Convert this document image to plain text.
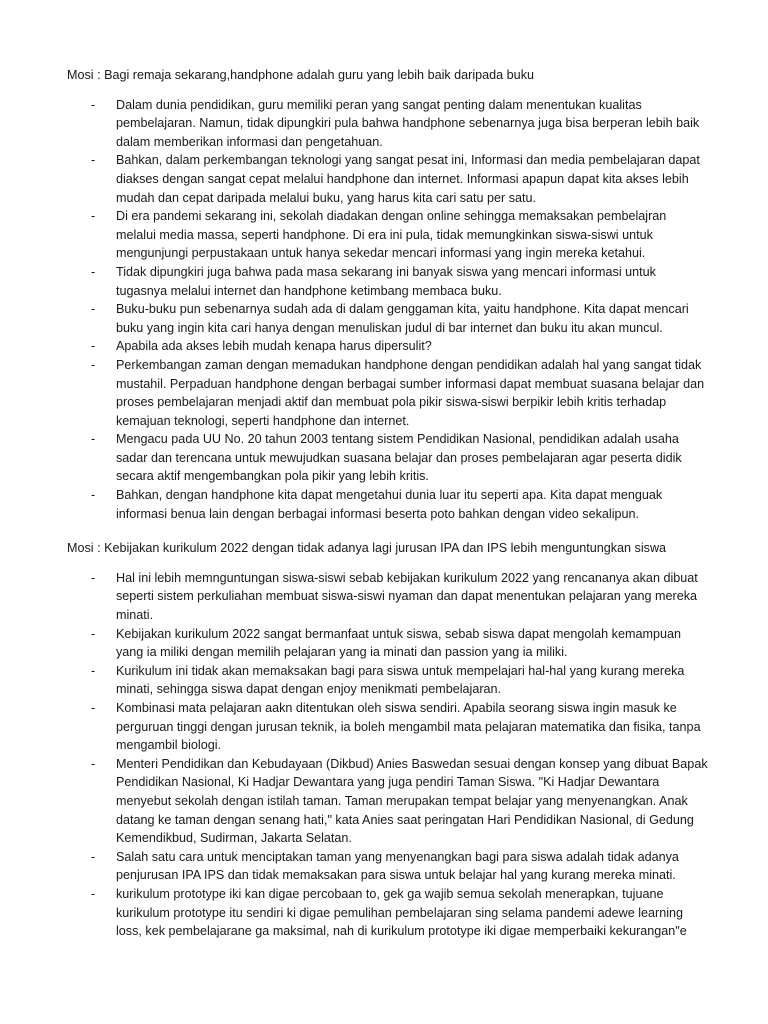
Mosi : Bagi remaja sekarang,handphone adalah guru yang lebih baik daripada buku

- Dalam dunia pendidikan, guru memiliki peran yang sangat penting dalam menentukan kualitas pembelajaran. Namun, tidak dipungkiri pula bahwa handphone sebenarnya juga bisa berperan lebih baik dalam memberikan informasi dan pengetahuan.
- Bahkan, dalam perkembangan teknologi yang sangat pesat ini, Informasi dan media pembelajaran dapat diakses dengan sangat cepat melalui handphone dan internet. Informasi apapun dapat kita akses lebih mudah dan cepat daripada melalui buku, yang harus kita cari satu per satu.
- Di era pandemi sekarang ini, sekolah diadakan dengan online sehingga memaksakan pembelajran melalui media massa, seperti handphone. Di era ini pula, tidak memungkinkan siswa-siswi untuk mengunjungi perpustakaan untuk hanya sekedar mencari informasi yang ingin mereka ketahui.
- Tidak dipungkiri juga bahwa pada masa sekarang ini banyak siswa yang mencari informasi untuk tugasnya melalui internet dan handphone ketimbang membaca buku.
- Buku-buku pun sebenarnya sudah ada di dalam genggaman kita, yaitu handphone. Kita dapat mencari buku yang ingin kita cari hanya dengan menuliskan judul di bar internet dan buku itu akan muncul.
- Apabila ada akses lebih mudah kenapa harus dipersulit?
- Perkembangan zaman dengan memadukan handphone dengan pendidikan adalah hal yang sangat tidak mustahil. Perpaduan handphone dengan berbagai sumber informasi dapat membuat suasana belajar dan proses pembelajaran menjadi aktif dan membuat pola pikir siswa-siswi berpikir lebih kritis terhadap kemajuan teknologi, seperti handphone dan internet.
- Mengacu pada UU No. 20 tahun 2003 tentang sistem Pendidikan Nasional, pendidikan adalah usaha sadar dan terencana untuk mewujudkan suasana belajar dan proses pembelajaran agar peserta didik secara aktif mengembangkan pola pikir yang lebih kritis.
- Bahkan, dengan handphone kita dapat mengetahui dunia luar itu seperti apa. Kita dapat menguak informasi benua lain dengan berbagai informasi beserta poto bahkan dengan video sekalipun.

Mosi : Kebijakan kurikulum 2022 dengan tidak adanya lagi jurusan IPA dan IPS lebih menguntungkan siswa

- Hal ini lebih memnguntungan siswa-siswi sebab kebijakan kurikulum 2022 yang rencananya akan dibuat seperti sistem perkuliahan membuat siswa-siswi nyaman dan dapat menentukan pelajaran yang mereka minati.
- Kebijakan kurikulum 2022 sangat bermanfaat untuk siswa, sebab siswa dapat mengolah kemampuan yang ia miliki dengan memilih pelajaran yang ia minati dan passion yang ia miliki.
- Kurikulum ini tidak akan memaksakan bagi para siswa untuk mempelajari hal-hal yang kurang mereka minati, sehingga siswa dapat dengan enjoy menikmati pembelajaran.
- Kombinasi mata pelajaran aakn ditentukan oleh siswa sendiri. Apabila seorang siswa ingin masuk ke perguruan tinggi dengan jurusan teknik, ia boleh mengambil mata pelajaran matematika dan fisika, tanpa mengambil biologi.
- Menteri Pendidikan dan Kebudayaan (Dikbud) Anies Baswedan sesuai dengan konsep yang dibuat Bapak Pendidikan Nasional, Ki Hadjar Dewantara yang juga pendiri Taman Siswa. "Ki Hadjar Dewantara menyebut sekolah dengan istilah taman. Taman merupakan tempat belajar yang menyenangkan. Anak datang ke taman dengan senang hati," kata Anies saat peringatan Hari Pendidikan Nasional, di Gedung Kemendikbud, Sudirman, Jakarta Selatan.
- Salah satu cara untuk menciptakan taman yang menyenangkan bagi para siswa adalah tidak adanya penjurusan IPA IPS dan tidak memaksakan para siswa untuk belajar hal yang kurang mereka minati.
- kurikulum prototype iki kan digae percobaan to, gek ga wajib semua sekolah menerapkan, tujuane kurikulum prototype itu sendiri ki digae pemulihan pembelajaran sing selama pandemi adewe learning loss, kek pembelajarane ga maksimal, nah di kurikulum prototype iki digae memperbaiki kekurangan"e
